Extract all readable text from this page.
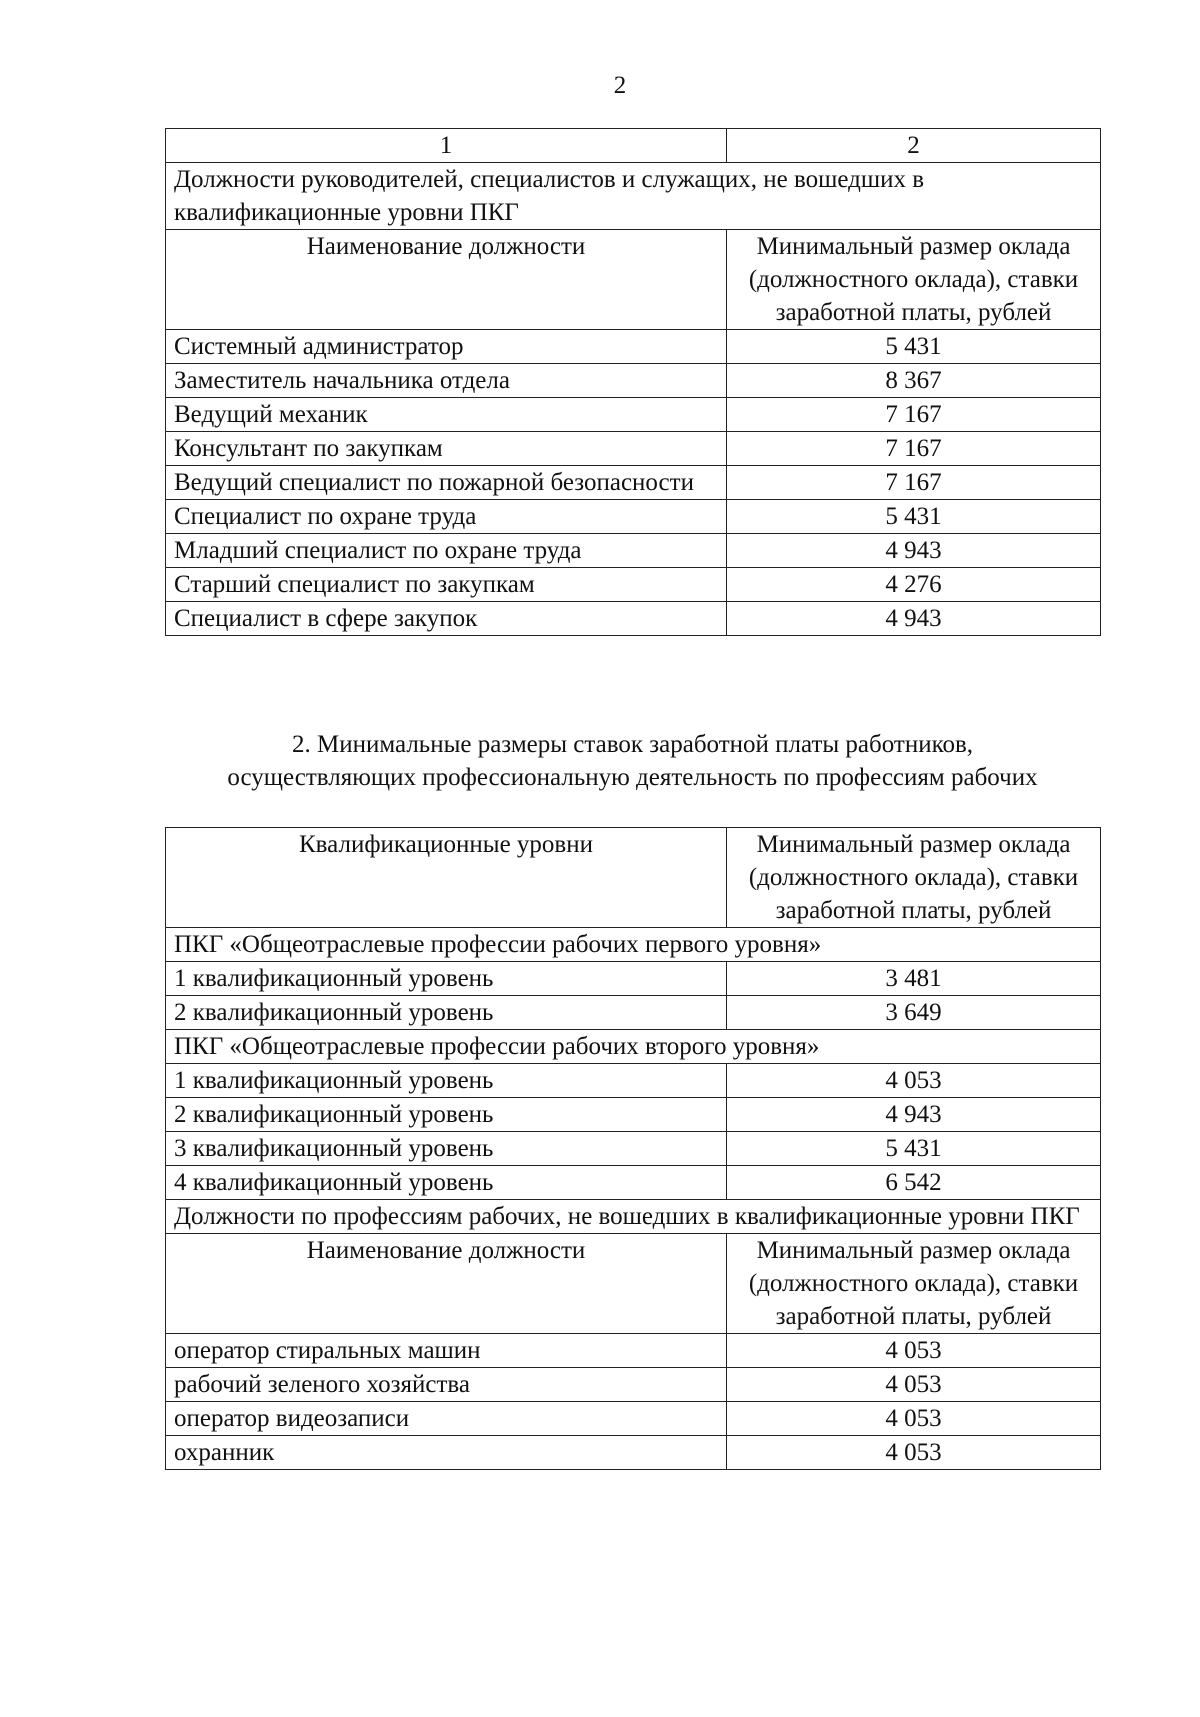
2
1	2
Должности руководителей, специалистов и служащих, не вошедших в квалификационные уровни ПКГ	
Наименование должности	Минимальный размер оклада (должностного оклада), ставки заработной платы, рублей
Системный администратор	5 431
Заместитель начальника отдела	8 367
Ведущий механик	7 167
Консультант по закупкам	7 167
Ведущий специалист по пожарной безопасности	7 167
Специалист по охране труда	5 431
Младший специалист по охране труда	4 943
Старший специалист по закупкам	4 276
Специалист в сфере закупок	4 943
2. Минимальные размеры ставок заработной платы работников,
осуществляющих профессиональную деятельность по профессиям рабочих
Квалификационные уровни	Минимальный размер оклада (должностного оклада), ставки заработной платы, рублей
ПКГ «Общеотраслевые профессии рабочих первого уровня»	
1 квалификационный уровень	3 481
2 квалификационный уровень	3 649
ПКГ «Общеотраслевые профессии рабочих второго уровня»	
1 квалификационный уровень	4 053
2 квалификационный уровень	4 943
3 квалификационный уровень	5 431
4 квалификационный уровень	6 542
Должности по профессиям рабочих, не вошедших в квалификационные уровни ПКГ	
Наименование должности	Минимальный размер оклада (должностного оклада), ставки заработной платы, рублей
оператор стиральных машин	4 053
рабочий зеленого хозяйства	4 053
оператор видеозаписи	4 053
охранник	4 053
